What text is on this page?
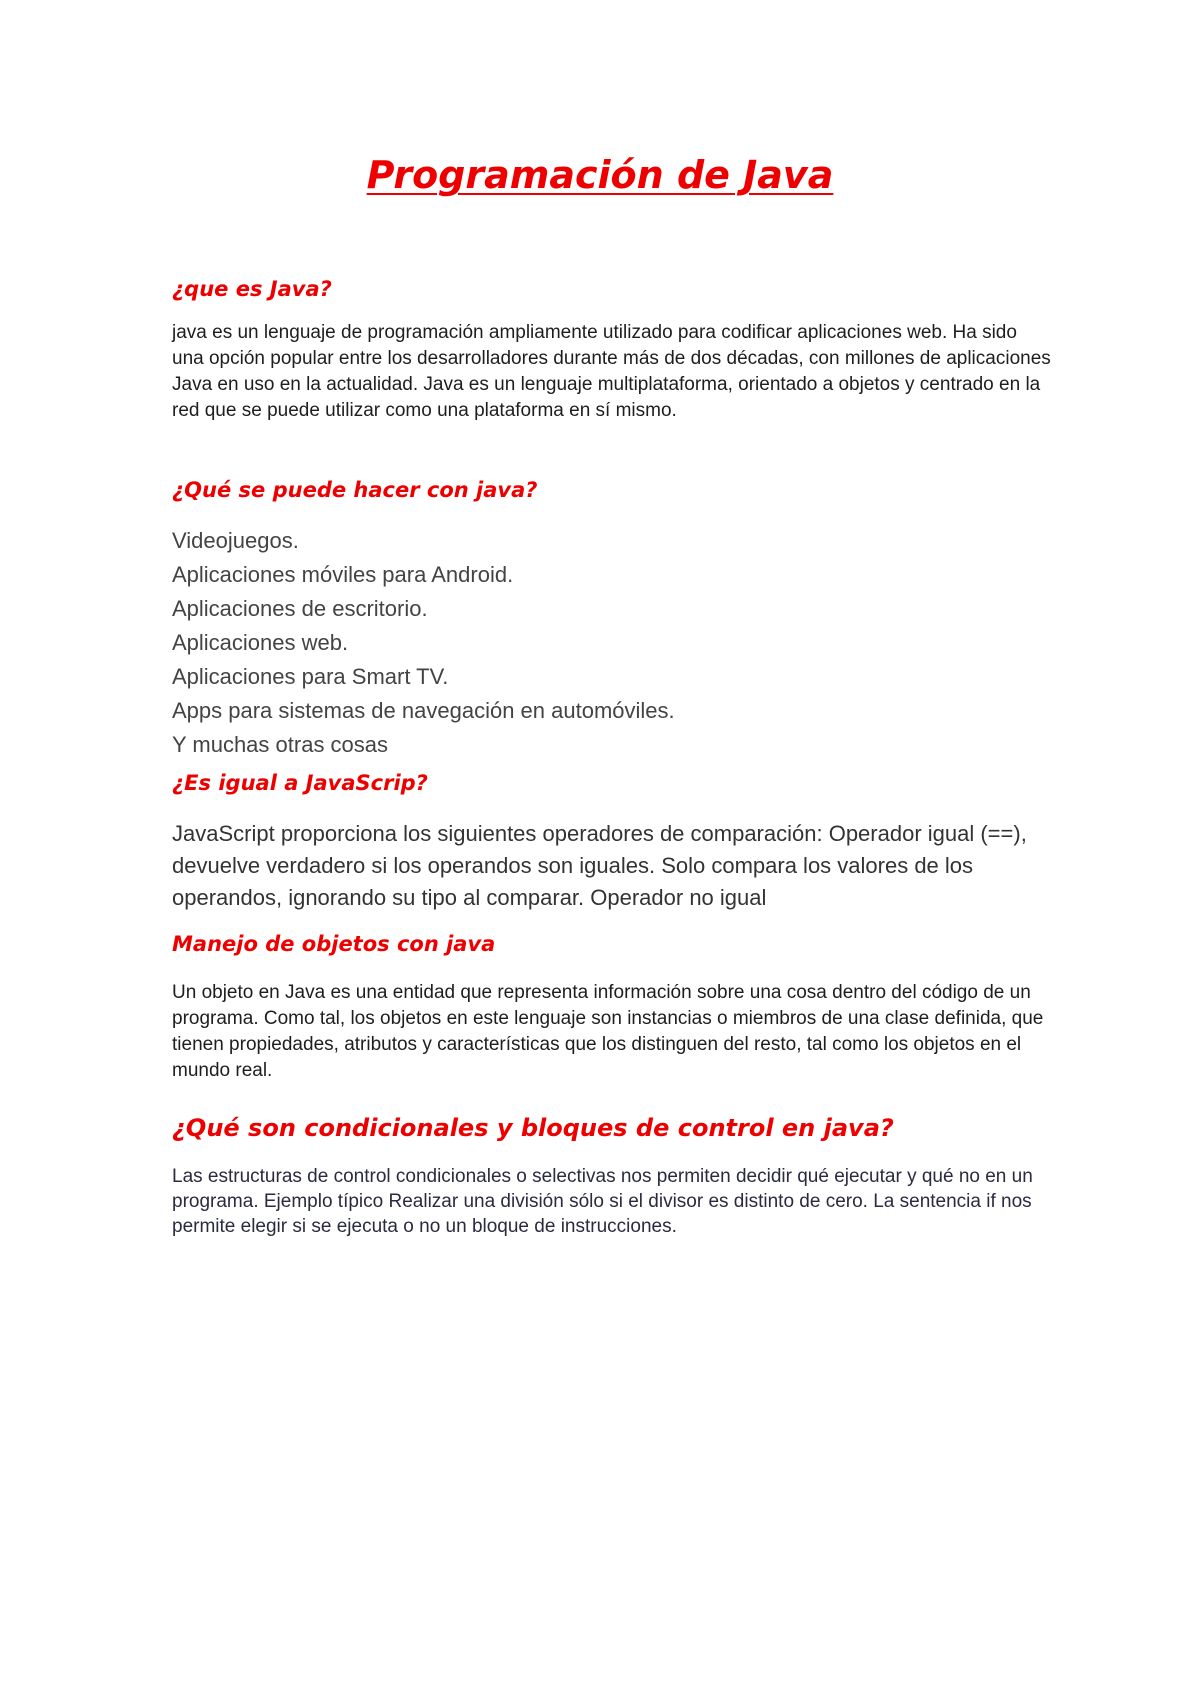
Programación de Java
¿que es Java?

java es un lenguaje de programación ampliamente utilizado para codificar aplicaciones web. Ha sido una opción popular entre los desarrolladores durante más de dos décadas, con millones de aplicaciones Java en uso en la actualidad. Java es un lenguaje multiplataforma, orientado a objetos y centrado en la red que se puede utilizar como una plataforma en sí mismo.

¿Qué se puede hacer con java?
Videojuegos.
Aplicaciones móviles para Android.
Aplicaciones de escritorio.
Aplicaciones web.
Aplicaciones para Smart TV.
Apps para sistemas de navegación en automóviles.
Y muchas otras cosas
¿Es igual a JavaScrip?

JavaScript proporciona los siguientes operadores de comparación: Operador igual (==), devuelve verdadero si los operandos son iguales. Solo compara los valores de los operandos, ignorando su tipo al comparar. Operador no igual

Manejo de objetos con java

Un objeto en Java es una entidad que representa información sobre una cosa dentro del código de un programa. Como tal, los objetos en este lenguaje son instancias o miembros de una clase definida, que tienen propiedades, atributos y características que los distinguen del resto, tal como los objetos en el mundo real.

¿Qué son condicionales y bloques de control en java?

Las estructuras de control condicionales o selectivas nos permiten decidir qué ejecutar y qué no en un programa. Ejemplo típico Realizar una división sólo si el divisor es distinto de cero. La sentencia if nos permite elegir si se ejecuta o no un bloque de instrucciones.
